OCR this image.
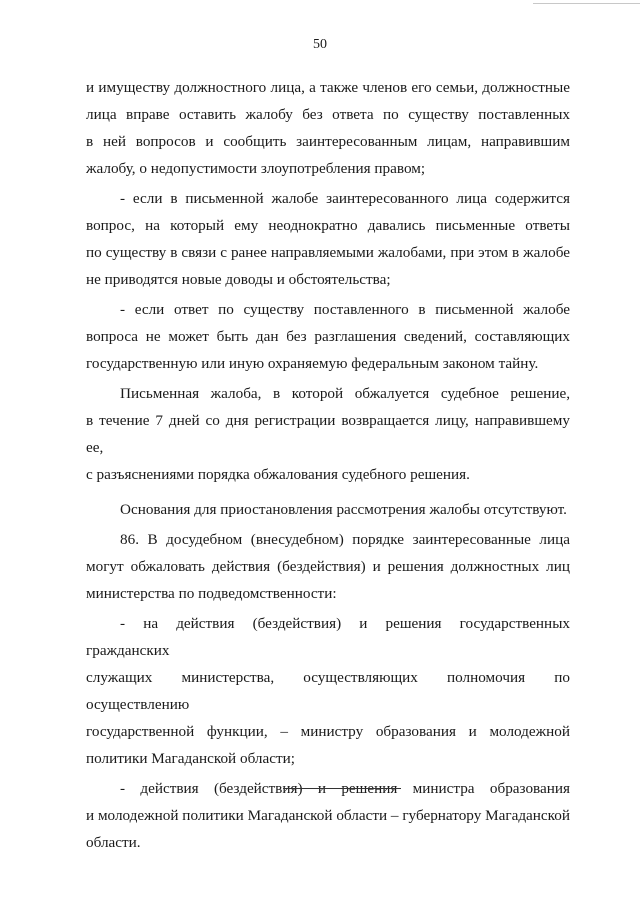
50

и имуществу должностного лица, а также членов его семьи, должностные

лица вправе оставить жалобу без ответа по существу поставленных

в ней вопросов и сообщить заинтересованным лицам, направившим

жалобу, о недопустимости злоупотребления правом;

- если в письменной жалобе заинтересованного лица содержится

вопрос, на который ему неоднократно давались письменные ответы

по существу в связи с ранее направляемыми жалобами, при этом в жалобе

не приводятся новые доводы и обстоятельства;

- если ответ по существу поставленного в письменной жалобе

вопроса не может быть дан без разглашения сведений, составляющих

государственную или иную охраняемую федеральным законом тайну.

Письменная жалоба, в которой обжалуется судебное решение,

в течение 7 дней со дня регистрации возвращается лицу, направившему ее,

с разъяснениями порядка обжалования судебного решения.

Основания для приостановления рассмотрения жалобы отсутствуют.

86. В досудебном (внесудебном) порядке заинтересованные лица

могут обжаловать действия (бездействия) и решения должностных лиц

министерства по подведомственности:

- на действия (бездействия) и решения государственных гражданских

служащих министерства, осуществляющих полномочия по осуществлению

государственной функции, – министру образования и молодежной

политики Магаданской области;

- действия (бездействия) и решения министра образования

и молодежной политики Магаданской области – губернатору Магаданской

области.
